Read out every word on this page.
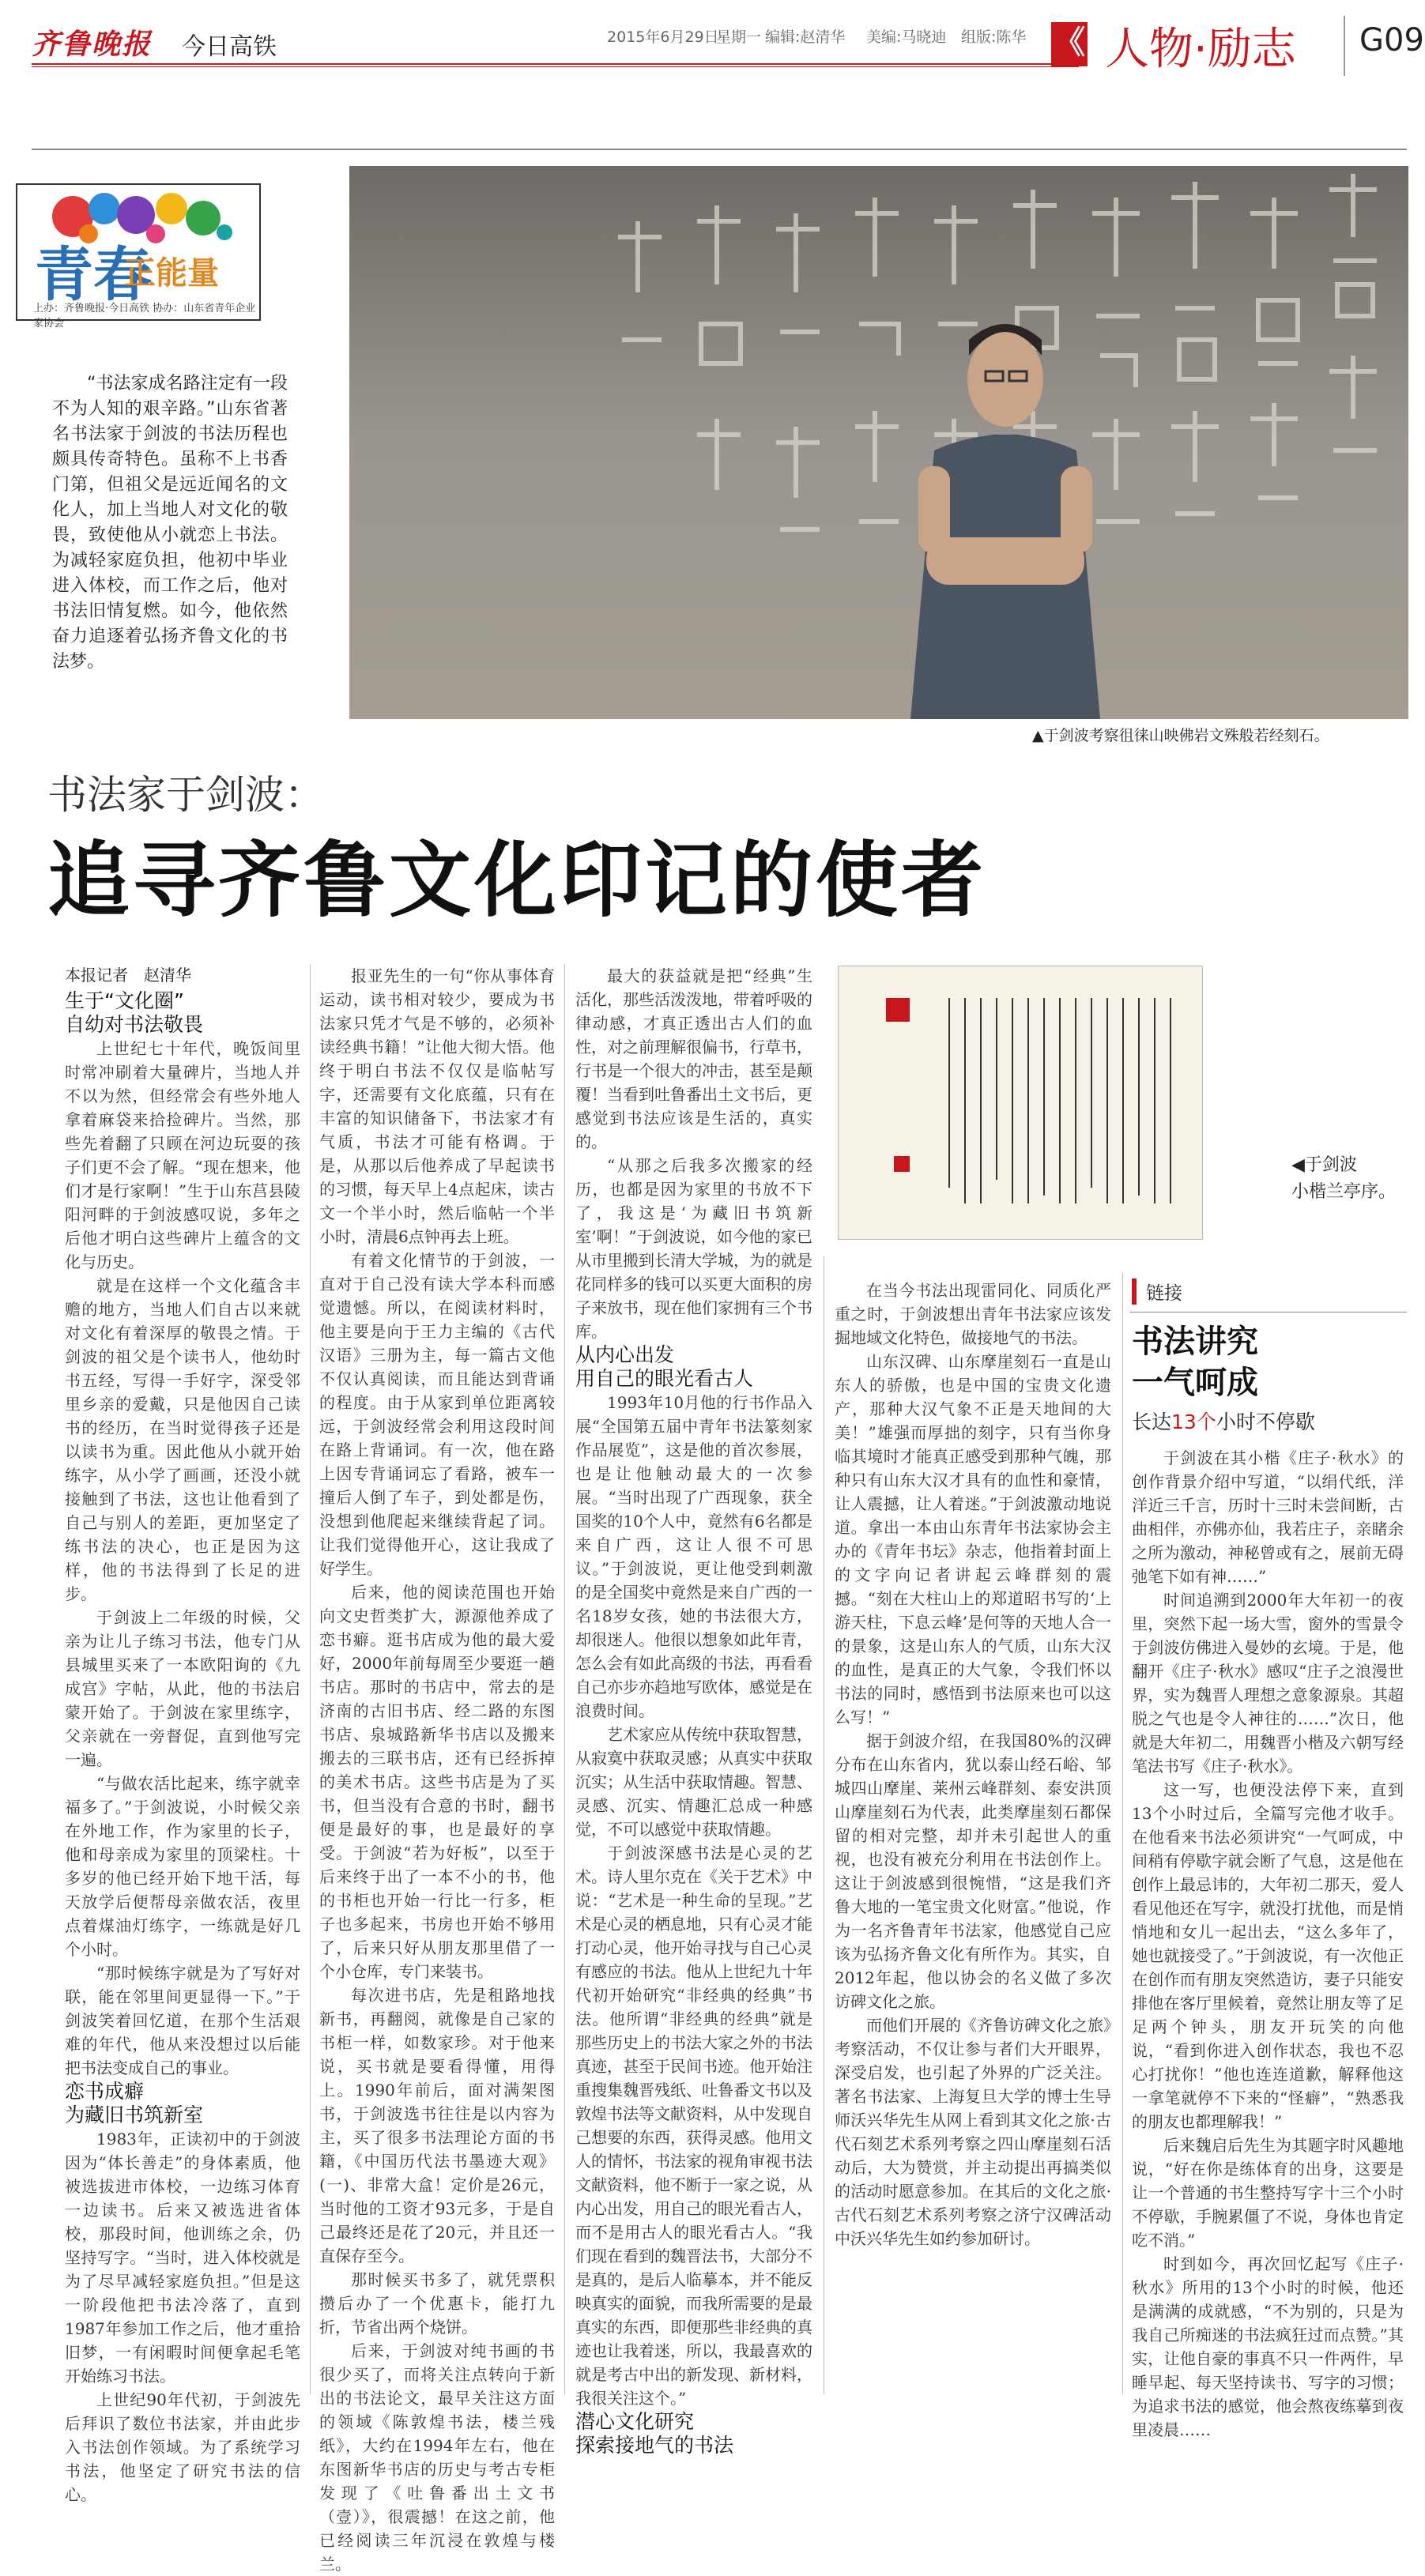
齐鲁晚报 今日高铁	2015年6月29日
星期一 编辑:赵清华 美编:马晓迪 组版:陈华 《 人物·励志 G09
青春
正能量
上办：齐鲁晚报·今日高铁 协办：山东省青年企业家协会
“书法家成名路注定有一段不为人知的艰辛路。”山东省著名书法家于剑波的书法历程也颇具传奇特色。虽称不上书香门第，但祖父是远近闻名的文化人，加上当地人对文化的敬畏，致使他从小就恋上书法。为减轻家庭负担，他初中毕业进入体校，而工作之后，他对书法旧情复燃。如今，他依然奋力追逐着弘扬齐鲁文化的书法梦。
▲于剑波考察徂徕山映佛岩文殊般若经刻石。
书法家于剑波：
追寻齐鲁文化印记的使者
本报记者　赵清华

生于“文化圈”

自幼对书法敬畏

上世纪七十年代，晚饭间里时常冲刷着大量碑片，当地人并不以为然，但经常会有些外地人拿着麻袋来拾捡碑片。当然，那些先着翻了只顾在河边玩耍的孩子们更不会了解。“现在想来，他们才是行家啊！”生于山东莒县陵阳河畔的于剑波感叹说，多年之后他才明白这些碑片上蕴含的文化与历史。

就是在这样一个文化蕴含丰赡的地方，当地人们自古以来就对文化有着深厚的敬畏之情。于剑波的祖父是个读书人，他幼时书五经，写得一手好字，深受邻里乡亲的爱戴，只是他因自己读书的经历，在当时觉得孩子还是以读书为重。因此他从小就开始练字，从小学了画画，还没小就接触到了书法，这也让他看到了自己与别人的差距，更加坚定了练书法的决心，也正是因为这样，他的书法得到了长足的进步。

于剑波上二年级的时候，父亲为让儿子练习书法，他专门从县城里买来了一本欧阳询的《九成宫》字帖，从此，他的书法启蒙开始了。于剑波在家里练字，父亲就在一旁督促，直到他写完一遍。

“与做农活比起来，练字就幸福多了。”于剑波说，小时候父亲在外地工作，作为家里的长子，他和母亲成为家里的顶梁柱。十多岁的他已经开始下地干活，每天放学后便帮母亲做农活，夜里点着煤油灯练字，一练就是好几个小时。

“那时候练字就是为了写好对联，能在邻里间更显得一下。”于剑波笑着回忆道，在那个生活艰难的年代，他从来没想过以后能把书法变成自己的事业。

恋书成癖

为藏旧书筑新室

1983年，正读初中的于剑波因为“体长善走”的身体素质，他被选拔进市体校，一边练习体育一边读书。后来又被选进省体校，那段时间，他训练之余，仍坚持写字。“当时，进入体校就是为了尽早减轻家庭负担。”但是这一阶段他把书法冷落了，直到1987年参加工作之后，他才重拾旧梦，一有闲暇时间便拿起毛笔开始练习书法。

上世纪90年代初，于剑波先后拜识了数位书法家，并由此步入书法创作领域。为了系统学习书法，他坚定了研究书法的信心。

报亚先生的一句“你从事体育运动，读书相对较少，要成为书法家只凭才气是不够的，必须补读经典书籍！”让他大彻大悟。他终于明白书法不仅仅是临帖写字，还需要有文化底蕴，只有在丰富的知识储备下，书法家才有气质，书法才可能有格调。于是，从那以后他养成了早起读书的习惯，每天早上4点起床，读古文一个半小时，然后临帖一个半小时，清晨6点钟再去上班。

有着文化情节的于剑波，一直对于自己没有读大学本科而感觉遗憾。所以，在阅读材料时，他主要是向于王力主编的《古代汉语》三册为主，每一篇古文他不仅认真阅读，而且能达到背诵的程度。由于从家到单位距离较远，于剑波经常会利用这段时间在路上背诵词。有一次，他在路上因专背诵词忘了看路，被车一撞后人倒了车子，到处都是伤，没想到他爬起来继续背起了词。让我们觉得他开心，这让我成了好学生。

后来，他的阅读范围也开始向文史哲类扩大，源源他养成了恋书癖。逛书店成为他的最大爱好，2000年前每周至少要逛一趟书店。那时的书店中，常去的是济南的古旧书店、经二路的东图书店、泉城路新华书店以及搬来搬去的三联书店，还有已经拆掉的美术书店。这些书店是为了买书，但当没有合意的书时，翻书便是最好的事，也是最好的享受。于剑波“若为好板”，以至于后来终于出了一本不小的书，他的书柜也开始一行比一行多，柜子也多起来，书房也开始不够用了，后来只好从朋友那里借了一个小仓库，专门来装书。

每次进书店，先是租路地找新书，再翻阅，就像是自己家的书柜一样，如数家珍。对于他来说，买书就是要看得懂，用得上。1990年前后，面对满架图书，于剑波选书往往是以内容为主，买了很多书法理论方面的书籍，《中国历代法书墨迹大观》(一)、非常大盒！定价是26元，当时他的工资才93元多，于是自己最终还是花了20元，并且还一直保存至今。

那时候买书多了，就凭票积攒后办了一个优惠卡，能打九折，节省出两个烧饼。

后来，于剑波对纯书画的书很少买了，而将关注点转向于新出的书法论文，最早关注这方面的领域《陈敦煌书法，楼兰残纸》，大约在1994年左右，他在东图新华书店的历史与考古专柜发现了《吐鲁番出土文书（壹）》，很震撼！在这之前，他已经阅读三年沉浸在敦煌与楼兰。

最大的获益就是把“经典”生活化，那些活泼泼地，带着呼吸的律动感，才真正透出古人们的血性，对之前理解很偏书，行草书，行书是一个很大的冲击，甚至是颠覆！当看到吐鲁番出土文书后，更感觉到书法应该是生活的，真实的。

“从那之后我多次搬家的经历，也都是因为家里的书放不下了，我这是‘为藏旧书筑新室’啊！”于剑波说，如今他的家已从市里搬到长清大学城，为的就是花同样多的钱可以买更大面积的房子来放书，现在他们家拥有三个书库。

从内心出发

用自己的眼光看古人

1993年10月他的行书作品入展“全国第五届中青年书法篆刻家作品展览”，这是他的首次参展，也是让他触动最大的一次参展。“当时出现了广西现象，获全国奖的10个人中，竟然有6名都是来自广西，这让人很不可思议。”于剑波说，更让他受到刺激的是全国奖中竟然是来自广西的一名18岁女孩，她的书法很大方，却很迷人。他很以想象如此年青，怎么会有如此高级的书法，再看看自己亦步亦趋地写欧体，感觉是在浪费时间。

艺术家应从传统中获取智慧，从寂寞中获取灵感；从真实中获取沉实；从生活中获取情趣。智慧、灵感、沉实、情趣汇总成一种感觉，不可以感觉中获取情趣。

于剑波深感书法是心灵的艺术。诗人里尔克在《关于艺术》中说：“艺术是一种生命的呈现。”艺术是心灵的栖息地，只有心灵才能打动心灵，他开始寻找与自己心灵有感应的书法。他从上世纪九十年代初开始研究“非经典的经典”书法。他所谓“非经典的经典”就是那些历史上的书法大家之外的书法真迹，甚至于民间书迹。他开始注重搜集魏晋残纸、吐鲁番文书以及敦煌书法等文献资料，从中发现自己想要的东西，获得灵感。他用文人的情怀，书法家的视角审视书法文献资料，他不断于一家之说，从内心出发，用自己的眼光看古人，而不是用古人的眼光看古人。“我们现在看到的魏晋法书，大部分不是真的，是后人临摹本，并不能反映真实的面貌，而我所需要的是最真实的东西，即便那些非经典的真迹也让我着迷，所以，我最喜欢的就是考古中出的新发现、新材料，我很关注这个。”

潜心文化研究

探索接地气的书法

◀于剑波
小楷兰亭序。

在当今书法出现雷同化、同质化严重之时，于剑波想出青年书法家应该发掘地域文化特色，做接地气的书法。

山东汉碑、山东摩崖刻石一直是山东人的骄傲，也是中国的宝贵文化遗产，那种大汉气象不正是天地间的大美！”雄强而厚拙的刻字，只有当你身临其境时才能真正感受到那种气魄，那种只有山东大汉才具有的血性和豪情，让人震撼，让人着迷。”于剑波激动地说道。拿出一本由山东青年书法家协会主办的《青年书坛》杂志，他指着封面上的文字向记者讲起云峰群刻的震撼。“刻在大柱山上的郑道昭书写的‘上游天柱，下息云峰’是何等的天地人合一的景象，这是山东人的气质，山东大汉的血性，是真正的大气象，令我们怀以书法的同时，感悟到书法原来也可以这么写！”

据于剑波介绍，在我国80%的汉碑分布在山东省内，犹以泰山经石峪、邹城四山摩崖、莱州云峰群刻、泰安洪顶山摩崖刻石为代表，此类摩崖刻石都保留的相对完整，却并未引起世人的重视，也没有被充分利用在书法创作上。这让于剑波感到很惋惜，“这是我们齐鲁大地的一笔宝贵文化财富。”他说，作为一名齐鲁青年书法家，他感觉自己应该为弘扬齐鲁文化有所作为。其实，自2012年起，他以协会的名义做了多次访碑文化之旅。

而他们开展的《齐鲁访碑文化之旅》考察活动，不仅让参与者们大开眼界，深受启发，也引起了外界的广泛关注。著名书法家、上海复旦大学的博士生导师沃兴华先生从网上看到其文化之旅·古代石刻艺术系列考察之四山摩崖刻石活动后，大为赞赏，并主动提出再搞类似的活动时愿意参加。在其后的文化之旅·古代石刻艺术系列考察之济宁汉碑活动中沃兴华先生如约参加研讨。

链接
书法讲究
一气呵成
长达13个小时不停歇

于剑波在其小楷《庄子·秋水》的创作背景介绍中写道，“以绢代纸，洋洋近三千言，历时十三时未尝间断，古曲相伴，亦佛亦仙，我若庄子，亲睹余之所为激动，神秘曾或有之，展前无碍弛笔下如有神……”

时间追溯到2000年大年初一的夜里，突然下起一场大雪，窗外的雪景令于剑波仿佛进入曼妙的玄境。于是，他翻开《庄子·秋水》感叹“庄子之浪漫世界，实为魏晋人理想之意象源泉。其超脱之气也是令人神往的……”次日，他就是大年初二，用魏晋小楷及六朝写经笔法书写《庄子·秋水》。

这一写，也便没法停下来，直到13个小时过后，全篇写完他才收手。在他看来书法必须讲究“一气呵成，中间稍有停歇字就会断了气息，这是他在创作上最忌讳的，大年初二那天，爱人看见他还在写字，就没打扰他，而是悄悄地和女儿一起出去，“这么多年了，她也就接受了。”于剑波说，有一次他正在创作而有朋友突然造访，妻子只能安排他在客厅里候着，竟然让朋友等了足足两个钟头，朋友开玩笑的向他说，“看到你进入创作状态，我也不忍心打扰你！”他也连连道歉，解释他这一拿笔就停不下来的“怪癖”，“熟悉我的朋友也都理解我！”

后来魏启后先生为其题字时风趣地说，“好在你是练体育的出身，这要是让一个普通的书生整持写字十三个小时不停歇，手腕累僵了不说，身体也肯定吃不消。”

时到如今，再次回忆起写《庄子·秋水》所用的13个小时的时候，他还是满满的成就感，“不为别的，只是为我自己所痴迷的书法疯狂过而点赞。”其实，让他自豪的事真不只一件两件，早睡早起、每天坚持读书、写字的习惯；为追求书法的感觉，他会熬夜练摹到夜里凌晨……
